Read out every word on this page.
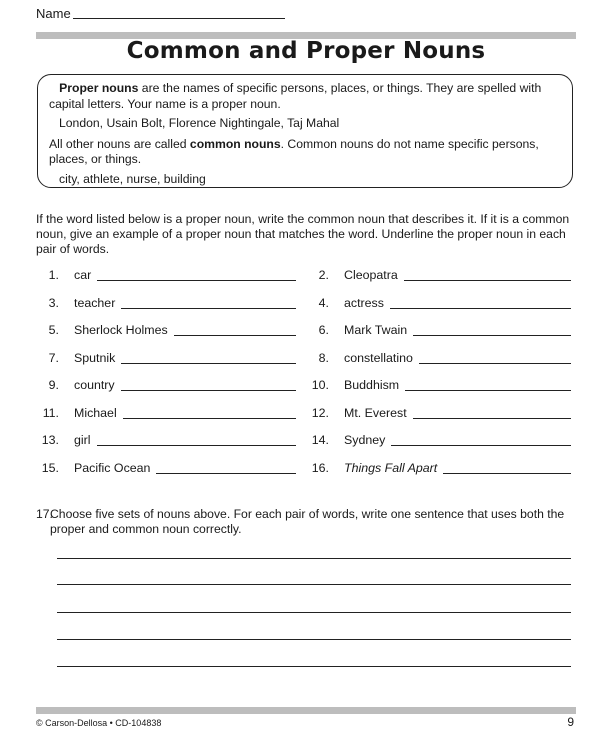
Name
Common and Proper Nouns

Proper nouns are the names of specific persons, places, or things. They are spelled with capital letters. Your name is a proper noun.

London, Usain Bolt, Florence Nightingale, Taj Mahal

All other nouns are called common nouns. Common nouns do not name specific persons, places, or things.

city, athlete, nurse, building

If the word listed below is a proper noun, write the common noun that describes it. If it is a common noun, give an example of a proper noun that matches the word. Underline the proper noun in each pair of words.
1. car	2. Cleopatra
3. teacher	4. actress
5. Sherlock Holmes	6. Mark Twain
7. Sputnik	8. constellatino
9. country	10. Buddhism
11. Michael	12. Mt. Everest
13. girl	14. Sydney
15. Pacific Ocean	16. Things Fall Apart
17.
Choose five sets of nouns above. For each pair of words, write one sentence that uses both the proper and common noun correctly.
© Carson-Dellosa • CD-104838	9
